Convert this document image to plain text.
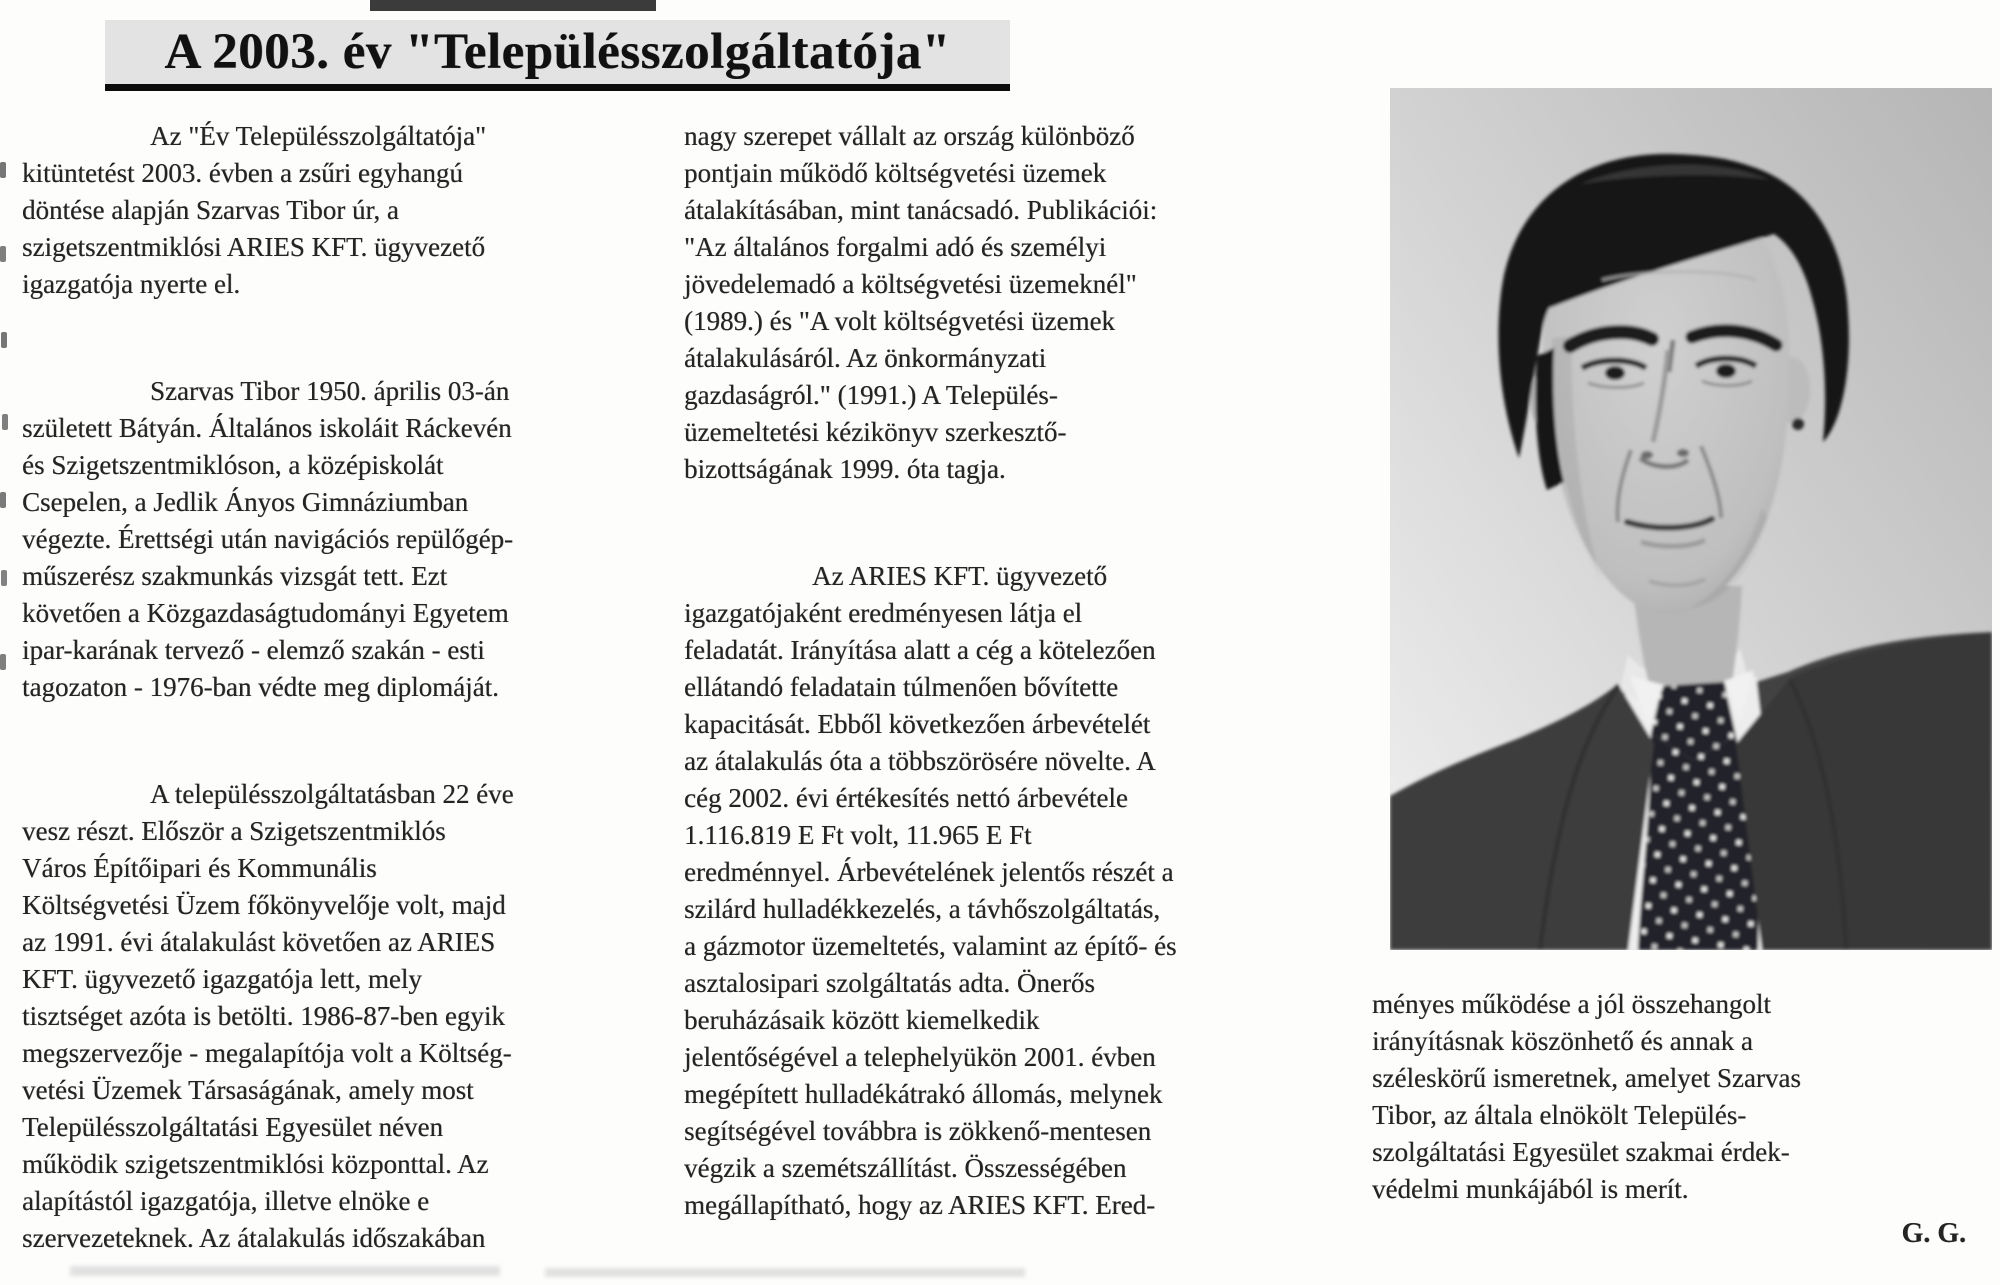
A 2003. év "Településszolgáltatója"
Az "Év Településszolgáltatója"
kitüntetést 2003. évben a zsűri egyhangú
döntése alapján Szarvas Tibor úr, a
szigetszentmiklósi ARIES KFT. ügyvezető
igazgatója nyerte el.
Szarvas Tibor 1950. április 03-án
született Bátyán. Általános iskoláit Ráckevén
és Szigetszentmiklóson, a középiskolát
Csepelen, a Jedlik Ányos Gimnáziumban
végezte. Érettségi után navigációs repülőgép-
műszerész szakmunkás vizsgát tett. Ezt
követően a Közgazdaságtudományi Egyetem
ipar-karának tervező - elemző szakán - esti
tagozaton - 1976-ban védte meg diplomáját.
A településszolgáltatásban 22 éve
vesz részt. Először a Szigetszentmiklós
Város Építőipari és Kommunális
Költségvetési Üzem főkönyvelője volt, majd
az 1991. évi átalakulást követően az ARIES
KFT. ügyvezető igazgatója lett, mely
tisztséget azóta is betölti. 1986-87-ben egyik
megszervezője - megalapítója volt a Költség-
vetési Üzemek Társaságának, amely most
Településszolgáltatási Egyesület néven
működik szigetszentmiklósi központtal. Az
alapítástól igazgatója, illetve elnöke e
szervezeteknek. Az átalakulás időszakában
nagy szerepet vállalt az ország különböző
pontjain működő költségvetési üzemek
átalakításában, mint tanácsadó. Publikációi:
"Az általános forgalmi adó és személyi
jövedelemadó a költségvetési üzemeknél"
(1989.) és "A volt költségvetési üzemek
átalakulásáról. Az önkormányzati
gazdaságról." (1991.) A Település-
üzemeltetési kézikönyv szerkesztő-
bizottságának 1999. óta tagja.
Az ARIES KFT. ügyvezető
igazgatójaként eredményesen látja el
feladatát. Irányítása alatt a cég a kötelezően
ellátandó feladatain túlmenően bővítette
kapacitását. Ebből következően árbevételét
az átalakulás óta a többszörösére növelte. A
cég 2002. évi értékesítés nettó árbevétele
1.116.819 E Ft volt, 11.965 E Ft
eredménnyel. Árbevételének jelentős részét a
szilárd hulladékkezelés, a távhőszolgáltatás,
a gázmotor üzemeltetés, valamint az építő- és
asztalosipari szolgáltatás adta. Önerős
beruházásaik között kiemelkedik
jelentőségével a telephelyükön 2001. évben
megépített hulladékátrakó állomás, melynek
segítségével továbbra is zökkenő-mentesen
végzik a szemétszállítást. Összességében
megállapítható, hogy az ARIES KFT. Ered-
ményes működése a jól összehangolt
irányításnak köszönhető és annak a
széleskörű ismeretnek, amelyet Szarvas
Tibor, az általa elnökölt Település-
szolgáltatási Egyesület szakmai érdek-
védelmi munkájából is merít.
G. G.
